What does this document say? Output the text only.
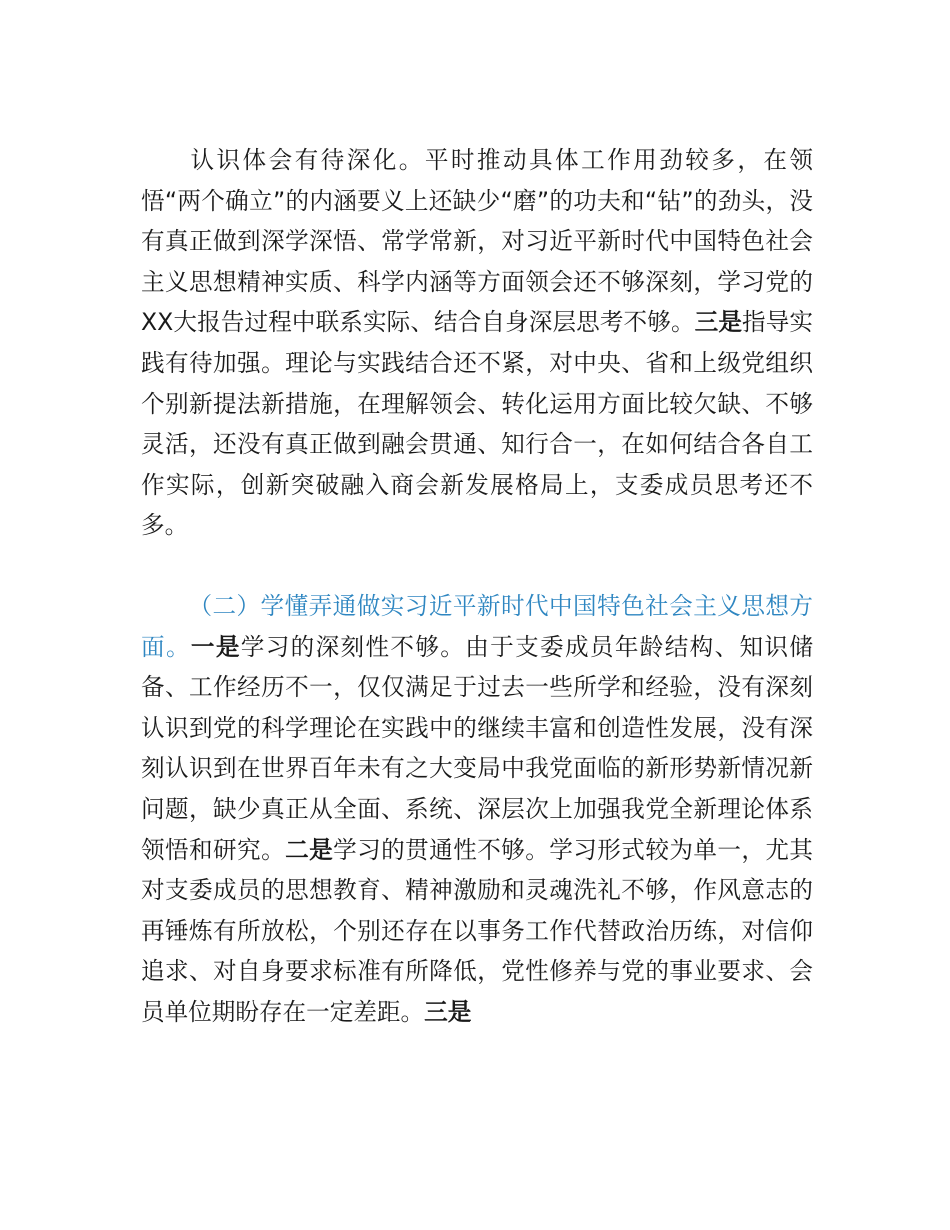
认识体会有待深化。平时推动具体工作用劲较多，在领悟“两个确立”的内涵要义上还缺少“磨”的功夫和“钻”的劲头，没有真正做到深学深悟、常学常新，对习近平新时代中国特色社会主义思想精神实质、科学内涵等方面领会还不够深刻，学习党的XX大报告过程中联系实际、结合自身深层思考不够。三是指导实践有待加强。理论与实践结合还不紧，对中央、省和上级党组织个别新提法新措施，在理解领会、转化运用方面比较欠缺、不够灵活，还没有真正做到融会贯通、知行合一，在如何结合各自工作实际，创新突破融入商会新发展格局上，支委成员思考还不多。

（二）学懂弄通做实习近平新时代中国特色社会主义思想方面。一是学习的深刻性不够。由于支委成员年龄结构、知识储备、工作经历不一，仅仅满足于过去一些所学和经验，没有深刻认识到党的科学理论在实践中的继续丰富和创造性发展，没有深刻认识到在世界百年未有之大变局中我党面临的新形势新情况新问题，缺少真正从全面、系统、深层次上加强我党全新理论体系领悟和研究。二是学习的贯通性不够。学习形式较为单一，尤其对支委成员的思想教育、精神激励和灵魂洗礼不够，作风意志的再锤炼有所放松，个别还存在以事务工作代替政治历练，对信仰追求、对自身要求标准有所降低，党性修养与党的事业要求、会员单位期盼存在一定差距。三是
